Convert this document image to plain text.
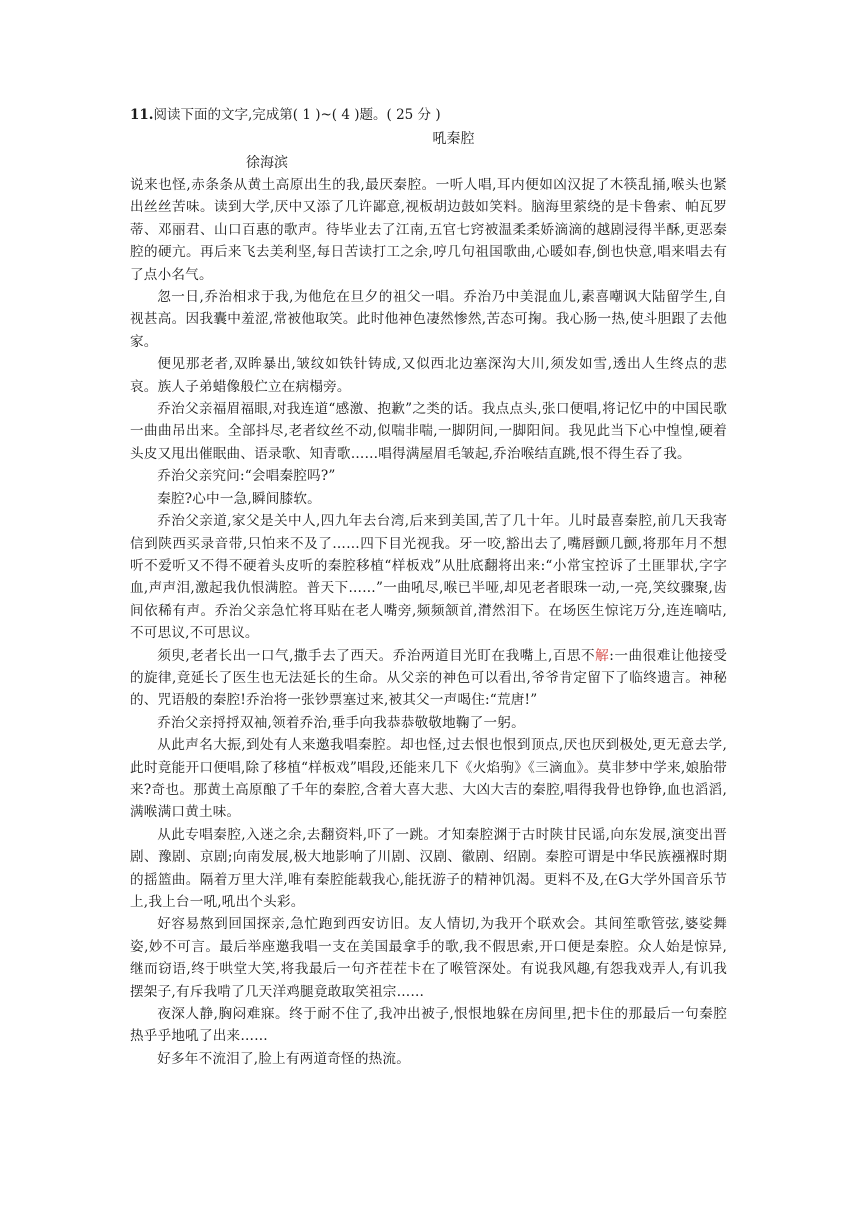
11.阅读下面的文字,完成第( 1 )~( 4 )题。( 25 分 )
吼秦腔
徐海滨

说来也怪,赤条条从黄土高原出生的我,最厌秦腔。一听人唱,耳内便如凶汉捉了木筷乱捅,喉头也紧出丝丝苦味。读到大学,厌中又添了几许鄙意,视板胡边鼓如笑料。脑海里萦绕的是卡鲁索、帕瓦罗蒂、邓丽君、山口百惠的歌声。待毕业去了江南,五官七窍被温柔柔娇滴滴的越剧浸得半酥,更恶秦腔的硬亢。再后来飞去美利坚,每日苦读打工之余,哼几句祖国歌曲,心暖如春,倒也快意,唱来唱去有了点小名气。

忽一日,乔治相求于我,为他危在旦夕的祖父一唱。乔治乃中美混血儿,素喜嘲讽大陆留学生,自视甚高。因我囊中羞涩,常被他取笑。此时他神色凄然惨然,苦态可掬。我心肠一热,使斗胆跟了去他家。

便见那老者,双眸暴出,皱纹如铁针铸成,又似西北边塞深沟大川,须发如雪,透出人生终点的悲哀。族人子弟蜡像般伫立在病榻旁。

乔治父亲福眉福眼,对我连道“感激、抱歉”之类的话。我点点头,张口便唱,将记忆中的中国民歌一曲曲吊出来。全部抖尽,老者纹丝不动,似喘非喘,一脚阴间,一脚阳间。我见此当下心中惶惶,硬着头皮又甩出催眠曲、语录歌、知青歌……唱得满屋眉毛皱起,乔治喉结直跳,恨不得生吞了我。

乔治父亲究问:“会唱秦腔吗?”

秦腔?心中一急,瞬间膝软。

乔治父亲道,家父是关中人,四九年去台湾,后来到美国,苦了几十年。儿时最喜秦腔,前几天我寄信到陕西买录音带,只怕来不及了……四下目光视我。牙一咬,豁出去了,嘴唇颤几颤,将那年月不想听不爱听又不得不硬着头皮听的秦腔移植“样板戏”从肚底翻将出来:“小常宝控诉了土匪罪状,字字血,声声泪,激起我仇恨满腔。普天下……”一曲吼尽,喉已半哑,却见老者眼珠一动,一亮,笑纹骤聚,齿间依稀有声。乔治父亲急忙将耳贴在老人嘴旁,频频颔首,潸然泪下。在场医生惊诧万分,连连嘀咕,不可思议,不可思议。

须臾,老者长出一口气,撒手去了西天。乔治两道目光盯在我嘴上,百思不解:一曲很难让他接受的旋律,竟延长了医生也无法延长的生命。从父亲的神色可以看出,爷爷肯定留下了临终遗言。神秘的、咒语般的秦腔!乔治将一张钞票塞过来,被其父一声喝住:“荒唐!”

乔治父亲捋捋双袖,领着乔治,垂手向我恭恭敬敬地鞠了一躬。

从此声名大振,到处有人来邀我唱秦腔。却也怪,过去恨也恨到顶点,厌也厌到极处,更无意去学,此时竟能开口便唱,除了移植“样板戏”唱段,还能来几下《火焰驹》《三滴血》。莫非梦中学来,娘胎带来?奇也。那黄土高原酿了千年的秦腔,含着大喜大悲、大凶大吉的秦腔,唱得我骨也铮铮,血也滔滔,满喉满口黄土味。

从此专唱秦腔,入迷之余,去翻资料,吓了一跳。才知秦腔渊于古时陕甘民谣,向东发展,演变出晋剧、豫剧、京剧;向南发展,极大地影响了川剧、汉剧、徽剧、绍剧。秦腔可谓是中华民族襁褓时期的摇篮曲。隔着万里大洋,唯有秦腔能载我心,能抚游子的精神饥渴。更料不及,在G大学外国音乐节上,我上台一吼,吼出个头彩。

好容易熬到回国探亲,急忙跑到西安访旧。友人情切,为我开个联欢会。其间笙歌管弦,婆娑舞姿,妙不可言。最后举座邀我唱一支在美国最拿手的歌,我不假思索,开口便是秦腔。众人始是惊异,继而窃语,终于哄堂大笑,将我最后一句齐茬茬卡在了喉管深处。有说我风趣,有怨我戏弄人,有讥我摆架子,有斥我啃了几天洋鸡腿竟敢取笑祖宗……

夜深人静,胸闷难寐。终于耐不住了,我冲出被子,恨恨地躲在房间里,把卡住的那最后一句秦腔热乎乎地吼了出来……

好多年不流泪了,脸上有两道奇怪的热流。
